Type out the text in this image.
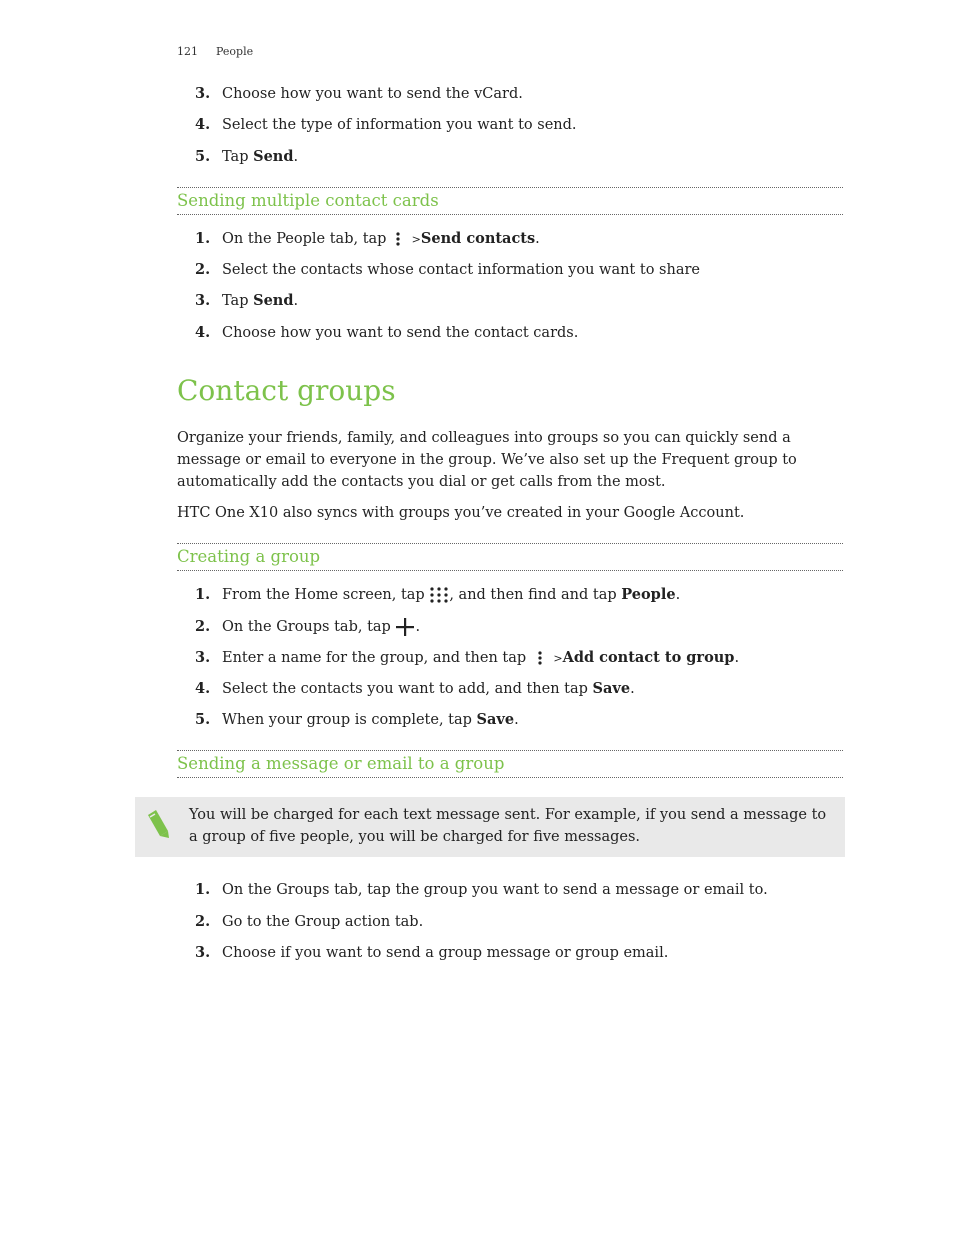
121 People
3. Choose how you want to send the vCard.
4. Select the type of information you want to send.
5. Tap Send.
Sending multiple contact cards
1. On the People tab, tap >Send contacts.
2. Select the contacts whose contact information you want to share
3. Tap Send.
4. Choose how you want to send the contact cards.
Contact groups
Organize your friends, family, and colleagues into groups so you can quickly send a message or email to everyone in the group. We’ve also set up the Frequent group to automatically add the contacts you dial or get calls from the most.
HTC One X10 also syncs with groups you’ve created in your Google Account.
Creating a group
1. From the Home screen, tap , and then find and tap People.
2. On the Groups tab, tap .
3. Enter a name for the group, and then tap >Add contact to group.
4. Select the contacts you want to add, and then tap Save.
5. When your group is complete, tap Save.
Sending a message or email to a group
You will be charged for each text message sent. For example, if you send a message to a group of five people, you will be charged for five messages.
1. On the Groups tab, tap the group you want to send a message or email to.
2. Go to the Group action tab.
3. Choose if you want to send a group message or group email.
